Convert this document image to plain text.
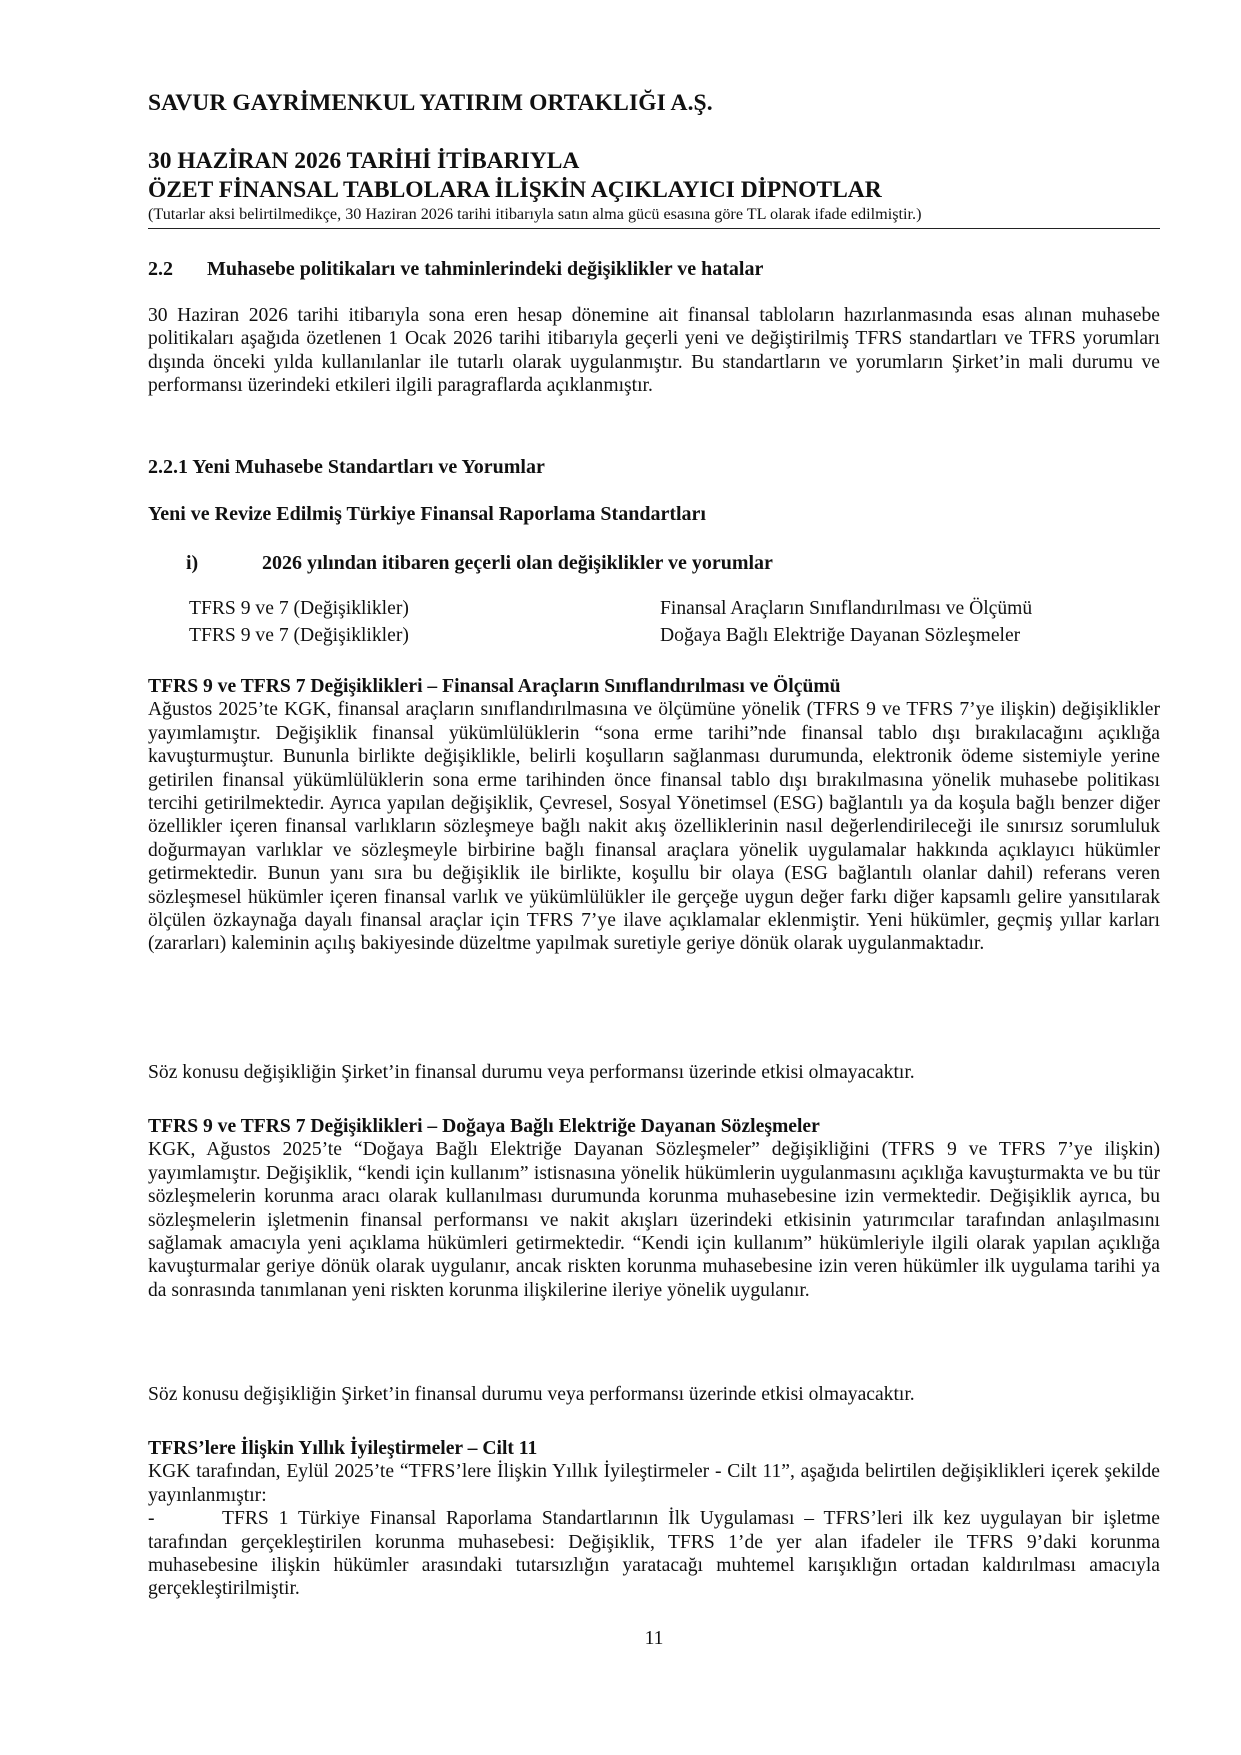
SAVUR GAYRİMENKUL YATIRIM ORTAKLIĞI A.Ş.
30 HAZİRAN 2026 TARİHİ İTİBARIYLA
ÖZET FİNANSAL TABLOLARA İLİŞKİN AÇIKLAYICI DİPNOTLAR
(Tutarlar aksi belirtilmedikçe, 30 Haziran 2026 tarihi itibarıyla satın alma gücü esasına göre TL olarak ifade edilmiştir.)
2.2 Muhasebe politikaları ve tahminlerindeki değişiklikler ve hatalar

30 Haziran 2026 tarihi itibarıyla sona eren hesap dönemine ait finansal tabloların hazırlanmasında esas alınan muhasebe politikaları aşağıda özetlenen 1 Ocak 2026 tarihi itibarıyla geçerli yeni ve değiştirilmiş TFRS standartları ve TFRS yorumları dışında önceki yılda kullanılanlar ile tutarlı olarak uygulanmıştır. Bu standartların ve yorumların Şirket’in mali durumu ve performansı üzerindeki etkileri ilgili paragraflarda açıklanmıştır.

2.2.1 Yeni Muhasebe Standartları ve Yorumlar
Yeni ve Revize Edilmiş Türkiye Finansal Raporlama Standartları
i)	2026 yılından itibaren geçerli olan değişiklikler ve yorumlar
TFRS 9 ve 7 (Değişiklikler)	Finansal Araçların Sınıflandırılması ve Ölçümü
TFRS 9 ve 7 (Değişiklikler)	Doğaya Bağlı Elektriğe Dayanan Sözleşmeler

TFRS 9 ve TFRS 7 Değişiklikleri – Finansal Araçların Sınıflandırılması ve Ölçümü

Ağustos 2025’te KGK, finansal araçların sınıflandırılmasına ve ölçümüne yönelik (TFRS 9 ve TFRS 7’ye ilişkin) değişiklikler yayımlamıştır. Değişiklik finansal yükümlülüklerin “sona erme tarihi”nde finansal tablo dışı bırakılacağını açıklığa kavuşturmuştur. Bununla birlikte değişiklikle, belirli koşulların sağlanması durumunda, elektronik ödeme sistemiyle yerine getirilen finansal yükümlülüklerin sona erme tarihinden önce finansal tablo dışı bırakılmasına yönelik muhasebe politikası tercihi getirilmektedir. Ayrıca yapılan değişiklik, Çevresel, Sosyal Yönetimsel (ESG) bağlantılı ya da koşula bağlı benzer diğer özellikler içeren finansal varlıkların sözleşmeye bağlı nakit akış özelliklerinin nasıl değerlendirileceği ile sınırsız sorumluluk doğurmayan varlıklar ve sözleşmeyle birbirine bağlı finansal araçlara yönelik uygulamalar hakkında açıklayıcı hükümler getirmektedir. Bunun yanı sıra bu değişiklik ile birlikte, koşullu bir olaya (ESG bağlantılı olanlar dahil) referans veren sözleşmesel hükümler içeren finansal varlık ve yükümlülükler ile gerçeğe uygun değer farkı diğer kapsamlı gelire yansıtılarak ölçülen özkaynağa dayalı finansal araçlar için TFRS 7’ye ilave açıklamalar eklenmiştir. Yeni hükümler, geçmiş yıllar karları (zararları) kaleminin açılış bakiyesinde düzeltme yapılmak suretiyle geriye dönük olarak uygulanmaktadır.

Söz konusu değişikliğin Şirket’in finansal durumu veya performansı üzerinde etkisi olmayacaktır.

TFRS 9 ve TFRS 7 Değişiklikleri – Doğaya Bağlı Elektriğe Dayanan Sözleşmeler

KGK, Ağustos 2025’te “Doğaya Bağlı Elektriğe Dayanan Sözleşmeler” değişikliğini (TFRS 9 ve TFRS 7’ye ilişkin) yayımlamıştır. Değişiklik, “kendi için kullanım” istisnasına yönelik hükümlerin uygulanmasını açıklığa kavuşturmakta ve bu tür sözleşmelerin korunma aracı olarak kullanılması durumunda korunma muhasebesine izin vermektedir. Değişiklik ayrıca, bu sözleşmelerin işletmenin finansal performansı ve nakit akışları üzerindeki etkisinin yatırımcılar tarafından anlaşılmasını sağlamak amacıyla yeni açıklama hükümleri getirmektedir. “Kendi için kullanım” hükümleriyle ilgili olarak yapılan açıklığa kavuşturmalar geriye dönük olarak uygulanır, ancak riskten korunma muhasebesine izin veren hükümler ilk uygulama tarihi ya da sonrasında tanımlanan yeni riskten korunma ilişkilerine ileriye yönelik uygulanır.

Söz konusu değişikliğin Şirket’in finansal durumu veya performansı üzerinde etkisi olmayacaktır.

TFRS’lere İlişkin Yıllık İyileştirmeler – Cilt 11

KGK tarafından, Eylül 2025’te “TFRS’lere İlişkin Yıllık İyileştirmeler - Cilt 11”, aşağıda belirtilen değişiklikleri içerek şekilde yayınlanmıştır:

-	TFRS 1 Türkiye Finansal Raporlama Standartlarının İlk Uygulaması – TFRS’leri ilk kez uygulayan bir işletme tarafından gerçekleştirilen korunma muhasebesi: Değişiklik, TFRS 1’de yer alan ifadeler ile TFRS 9’daki korunma muhasebesine ilişkin hükümler arasındaki tutarsızlığın yaratacağı muhtemel karışıklığın ortadan kaldırılması amacıyla gerçekleştirilmiştir.

11
